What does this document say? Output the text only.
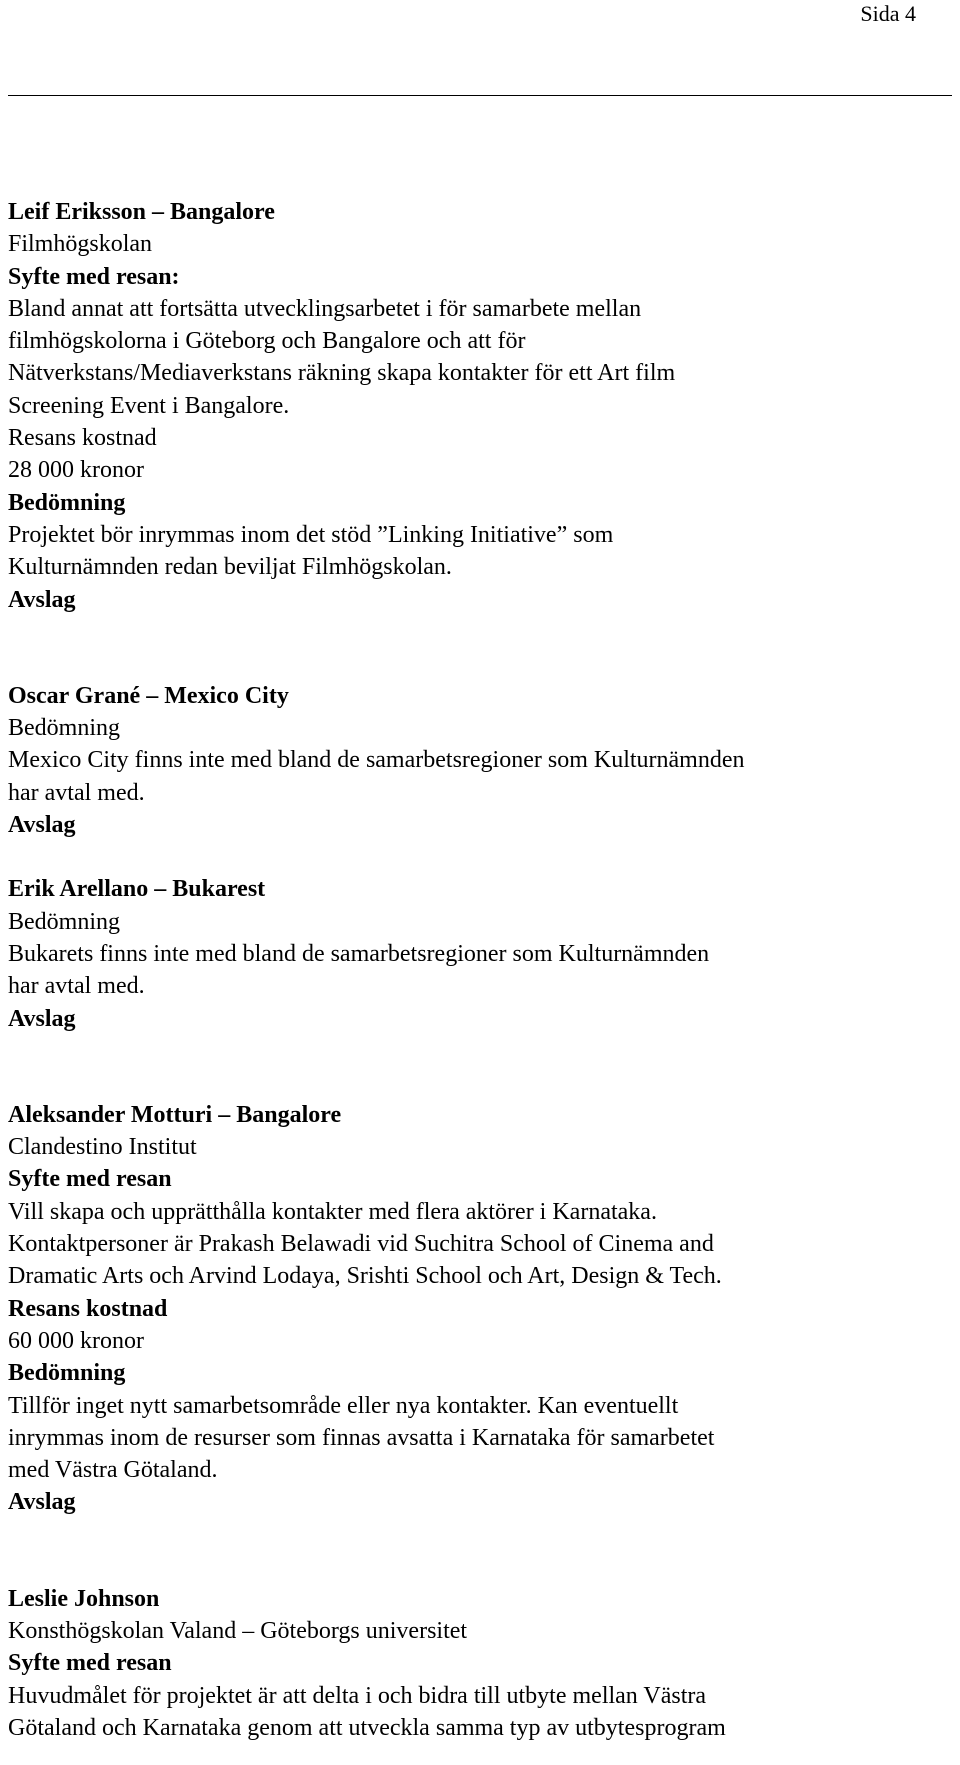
Sida 4
Leif Eriksson – Bangalore
Filmhögskolan
Syfte med resan:
Bland annat att fortsätta utvecklingsarbetet i för samarbete mellan
filmhögskolorna i Göteborg och Bangalore och att för
Nätverkstans/Mediaverkstans räkning skapa kontakter för ett Art film
Screening Event i Bangalore.
Resans kostnad
28 000 kronor
Bedömning
Projektet bör inrymmas inom det stöd ”Linking Initiative” som
Kulturnämnden redan beviljat Filmhögskolan.
Avslag
Oscar Grané – Mexico City
Bedömning
Mexico City finns inte med bland de samarbetsregioner som Kulturnämnden
har avtal med.
Avslag
Erik Arellano – Bukarest
Bedömning
Bukarets finns inte med bland de samarbetsregioner som Kulturnämnden
har avtal med.
Avslag
Aleksander Motturi – Bangalore
Clandestino Institut
Syfte med resan
Vill skapa och upprätthålla kontakter med flera aktörer i Karnataka.
Kontaktpersoner är Prakash Belawadi vid Suchitra School of Cinema and
Dramatic Arts och Arvind Lodaya, Srishti School och Art, Design & Tech.
Resans kostnad
60 000 kronor
Bedömning
Tillför inget nytt samarbetsområde eller nya kontakter. Kan eventuellt
inrymmas inom de resurser som finnas avsatta i Karnataka för samarbetet
med Västra Götaland.
Avslag
Leslie Johnson
Konsthögskolan Valand – Göteborgs universitet
Syfte med resan
Huvudmålet för projektet är att delta i och bidra till utbyte mellan Västra
Götaland och Karnataka genom att utveckla samma typ av utbytesprogram
